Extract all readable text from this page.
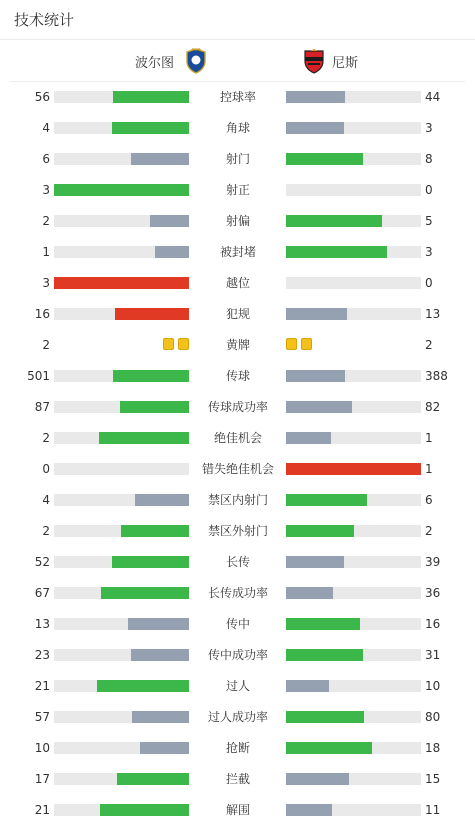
技术统计
波尔图	尼斯
56	控球率	44
4	角球	3
6	射门	8
3	射正	0
2	射偏	5
1	被封堵	3
3	越位	0
16	犯规	13
2	黄牌	2
501	传球	388
87	传球成功率	82
2	绝佳机会	1
0	错失绝佳机会	1
4	禁区内射门	6
2	禁区外射门	2
52	长传	39
67	长传成功率	36
13	传中	16
23	传中成功率	31
21	过人	10
57	过人成功率	80
10	抢断	18
17	拦截	15
21	解围	11
